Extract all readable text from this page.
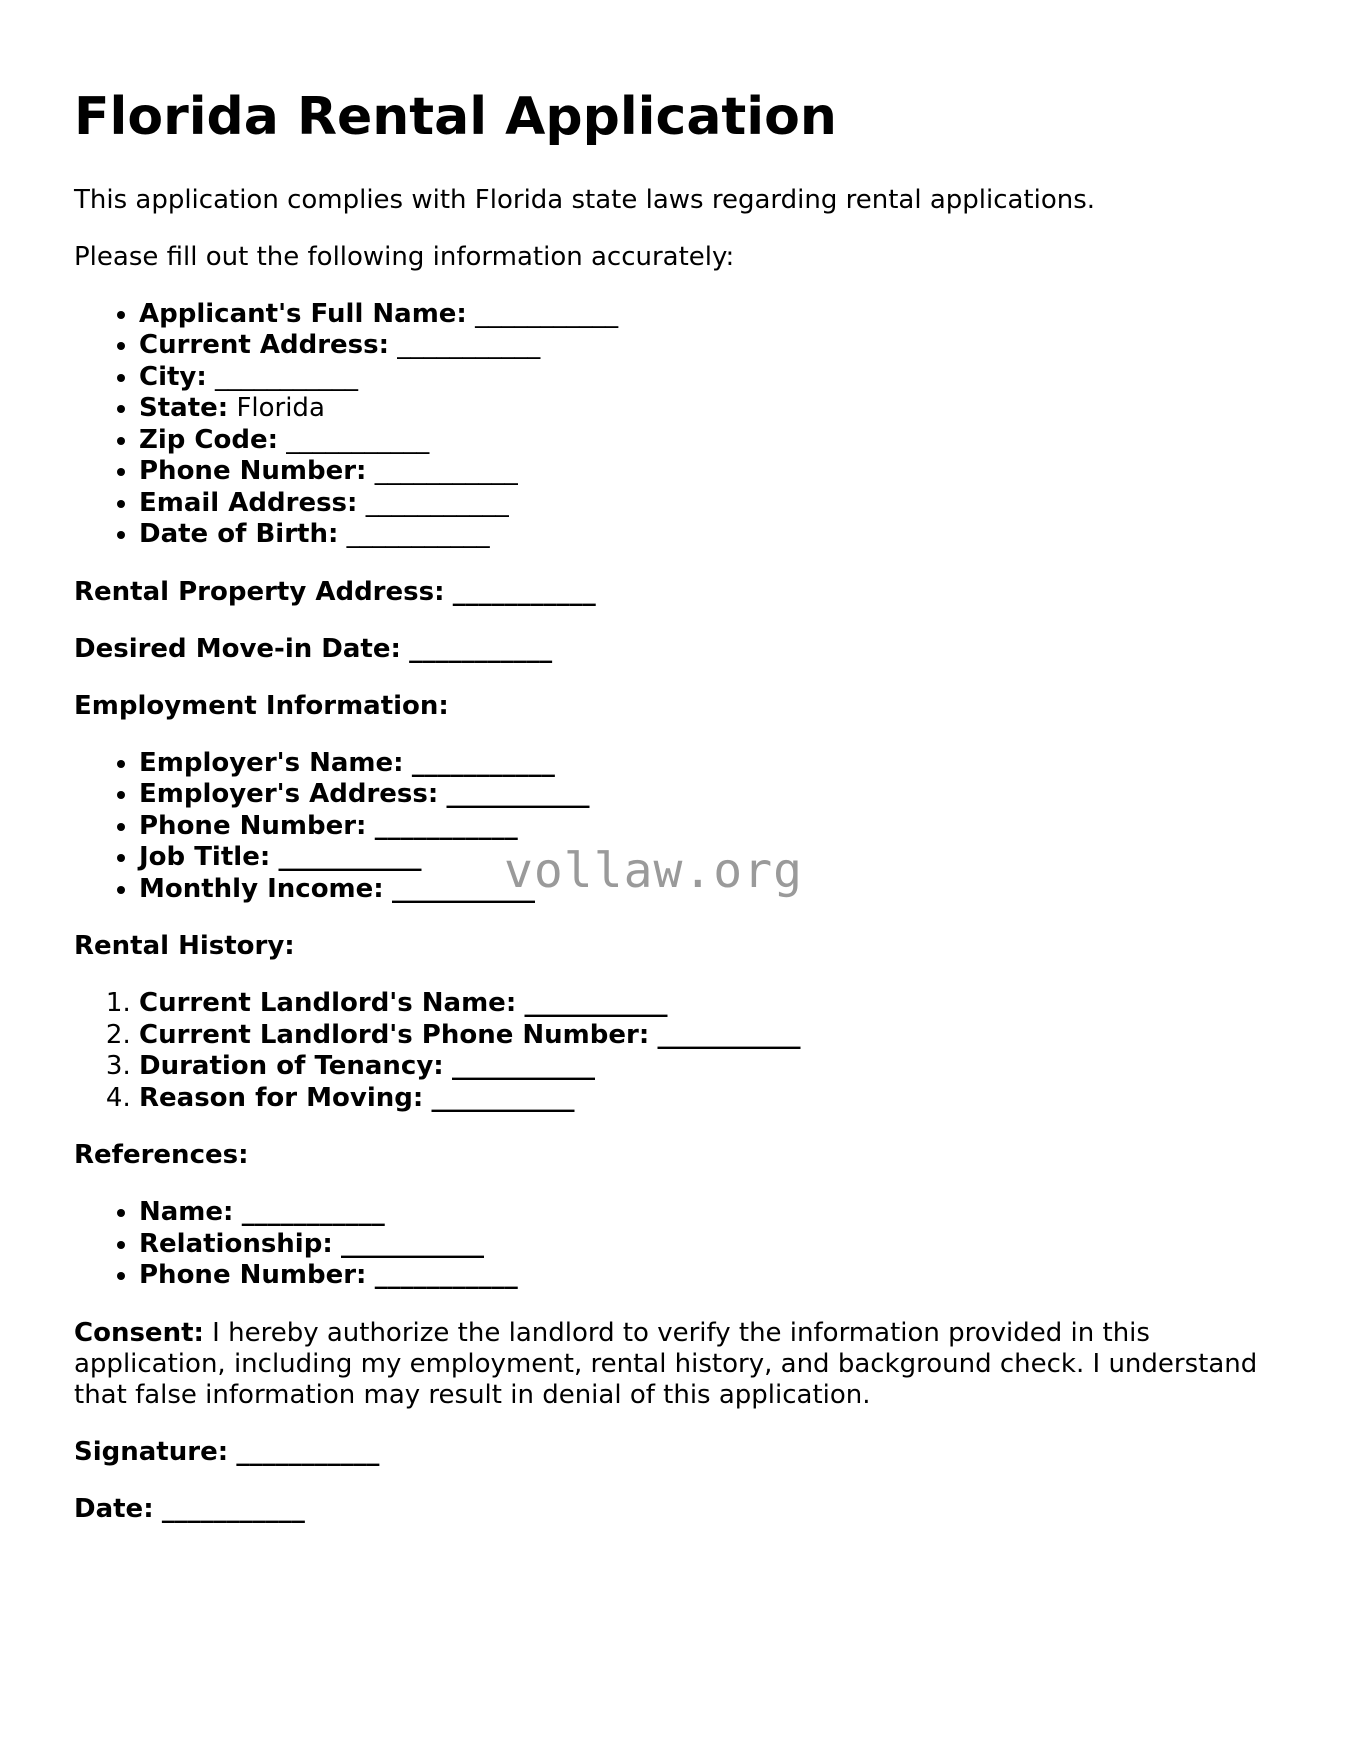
Florida Rental Application

This application complies with Florida state laws regarding rental applications.

Please fill out the following information accurately:

• Applicant's Full Name: ___________
• Current Address: ___________
• City: ___________
• State: Florida
• Zip Code: ___________
• Phone Number: ___________
• Email Address: ___________
• Date of Birth: ___________

Rental Property Address: ___________

Desired Move-in Date: ___________

Employment Information:

• Employer's Name: ___________
• Employer's Address: ___________
• Phone Number: ___________
• Job Title: ___________
• Monthly Income: ___________

Rental History:

1. Current Landlord's Name: ___________
2. Current Landlord's Phone Number: ___________
3. Duration of Tenancy: ___________
4. Reason for Moving: ___________

References:

• Name: ___________
• Relationship: ___________
• Phone Number: ___________

Consent: I hereby authorize the landlord to verify the information provided in this application, including my employment, rental history, and background check. I understand that false information may result in denial of this application.

Signature: ___________

Date: ___________

vollaw.org
